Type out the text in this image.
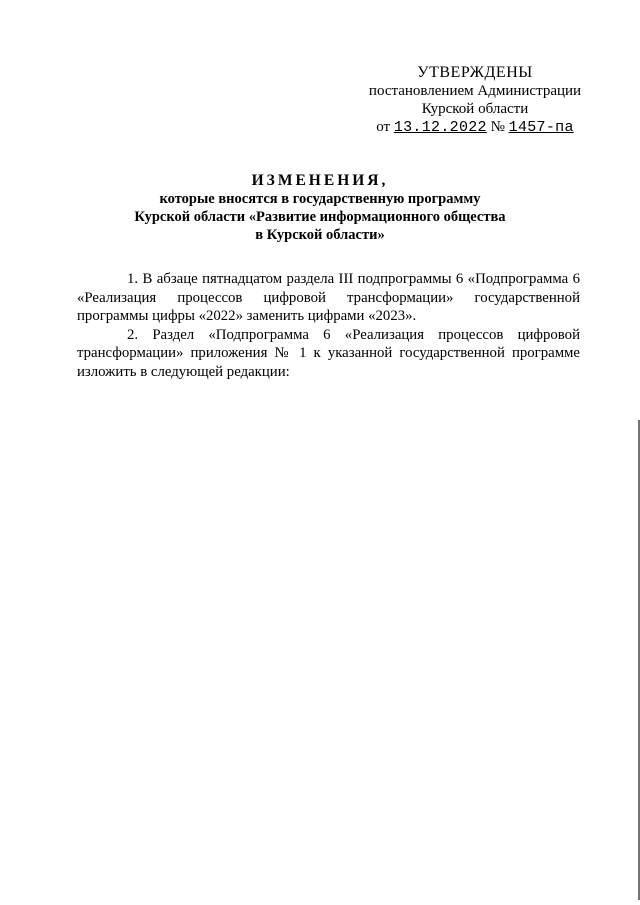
УТВЕРЖДЕНЫ
постановлением Администрации
Курской области
от 13.12.2022 № 1457-па
ИЗМЕНЕНИЯ,
которые вносятся в государственную программу
Курской области «Развитие информационного общества
в Курской области»

1. В абзаце пятнадцатом раздела III подпрограммы 6 «Подпрограмма 6 «Реализация процессов цифровой трансформации» государственной программы цифры «2022» заменить цифрами «2023».

2. Раздел «Подпрограмма 6 «Реализация процессов цифровой трансформации» приложения № 1 к указанной государственной программе изложить в следующей редакции:
